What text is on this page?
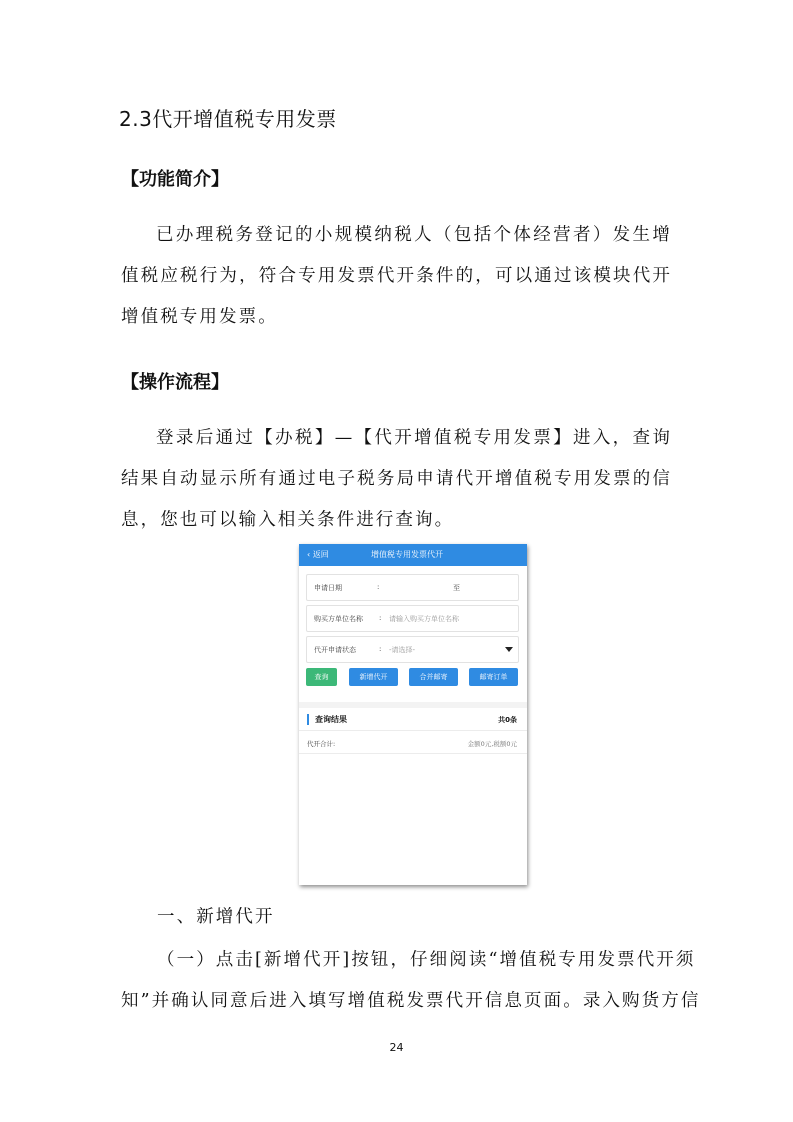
2.3代开增值税专用发票
【功能简介】
已办理税务登记的小规模纳税人（包括个体经营者）发生增值税应税行为，符合专用发票代开条件的，可以通过该模块代开增值税专用发票。
【操作流程】
登录后通过【办税】—【代开增值税专用发票】进入，查询结果自动显示所有通过电子税务局申请代开增值税专用发票的信息，您也可以输入相关条件进行查询。
‹ 返回	增值税专用发票代开
申请日期	:	至
购买方单位名称 : 请输入购买方单位名称
代开申请状态	: -请选择-
查询	新增代开	合并邮寄	邮寄订单
查询结果	共0条
代开合计:	金额0元,税额0元
一、新增代开
（一）点击[新增代开]按钮，仔细阅读“增值税专用发票代开须
知”并确认同意后进入填写增值税发票代开信息页面。录入购货方信
24
